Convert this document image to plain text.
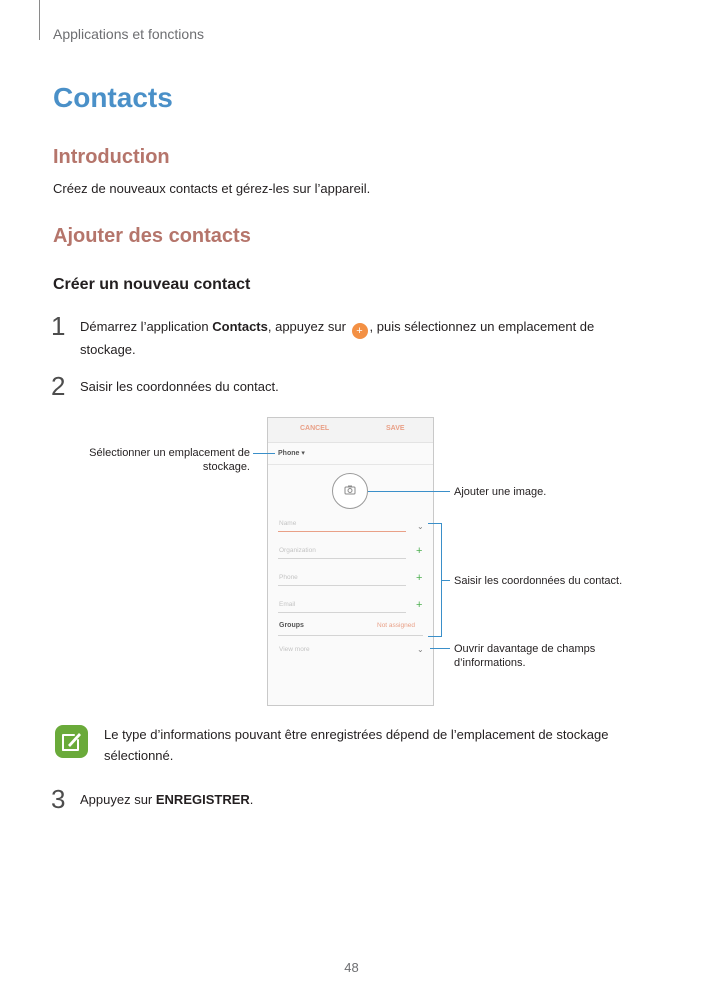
Applications et fonctions
Contacts
Introduction
Créez de nouveaux contacts et gérez-les sur l’appareil.
Ajouter des contacts
Créer un nouveau contact
1 Démarrez l’application Contacts, appuyez sur + , puis sélectionnez un emplacement de stockage.
2 Saisir les coordonnées du contact.
CANCEL	SAVE
Phone ▾
Name	⌄
Organization	+
Phone	+
Email	+
Groups	Not assigned
View more	⌄
Sélectionner un emplacement de stockage.
Ajouter une image.
Saisir les coordonnées du contact.
Ouvrir davantage de champs d’informations.
Le type d’informations pouvant être enregistrées dépend de l’emplacement de stockage sélectionné.
3 Appuyez sur ENREGISTRER.
48
